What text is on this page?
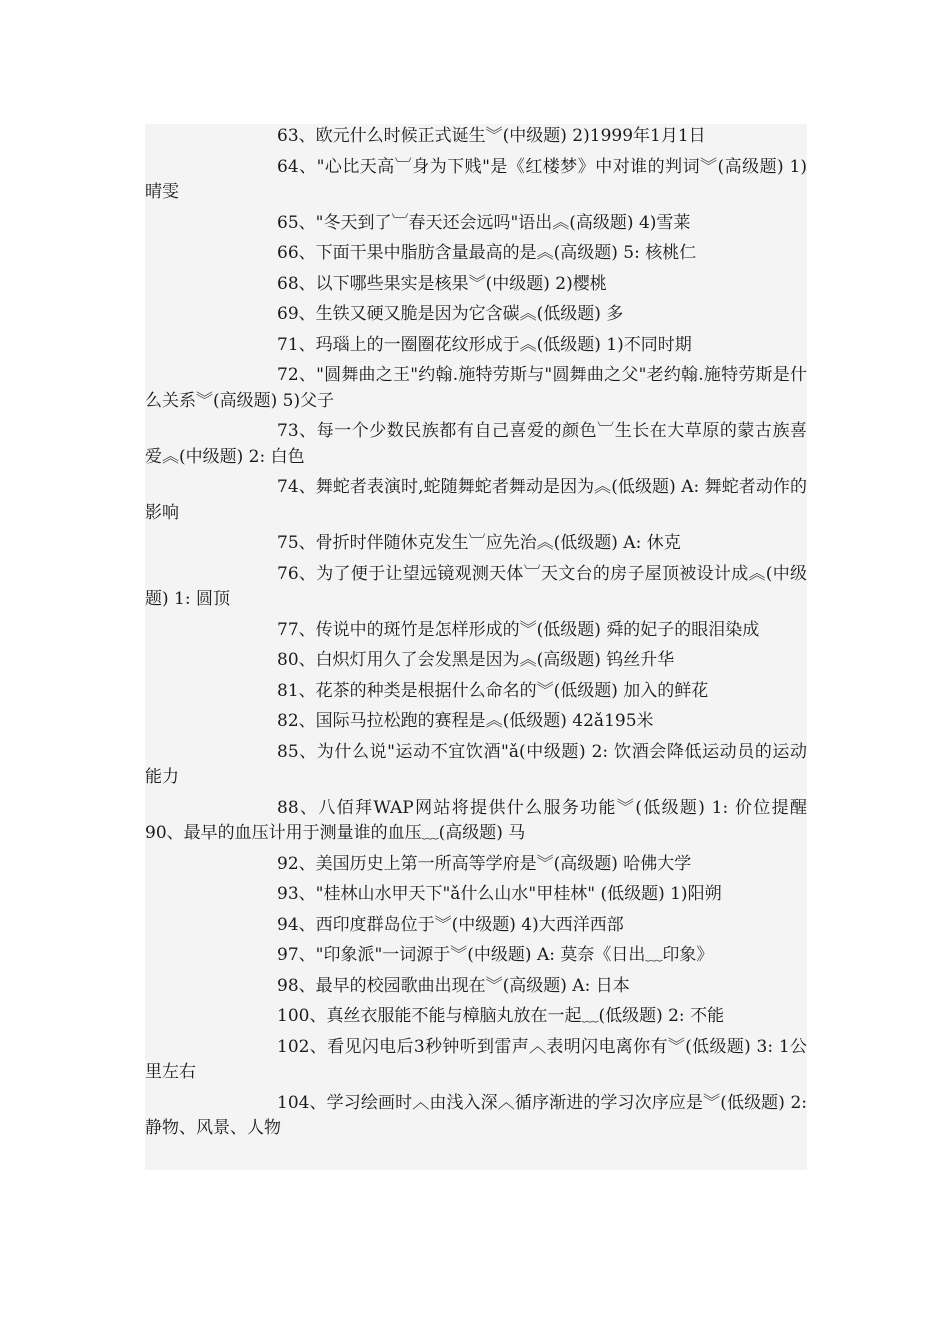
63、欧元什么时候正式诞生︾(中级题) 2)1999年1月1日

64、"心比天高︺身为下贱"是《红楼梦》中对谁的判词︾(高级题) 1)晴雯

65、"冬天到了︺春天还会远吗"语出︽(高级题) 4)雪莱

66、下面干果中脂肪含量最高的是︽(高级题) 5: 核桃仁

68、以下哪些果实是核果︾(中级题) 2)樱桃

69、生铁又硬又脆是因为它含碳︽(低级题) 多

71、玛瑙上的一圈圈花纹形成于︽(低级题) 1)不同时期

72、"圆舞曲之王"约翰.施特劳斯与"圆舞曲之父"老约翰.施特劳斯是什么关系︾(高级题) 5)父子

73、每一个少数民族都有自己喜爱的颜色︺生长在大草原的蒙古族喜爱︽(中级题) 2: 白色

74、舞蛇者表演时,蛇随舞蛇者舞动是因为︽(低级题) A: 舞蛇者动作的影响

75、骨折时伴随休克发生︺应先治︽(低级题) A: 休克

76、为了便于让望远镜观测天体︺天文台的房子屋顶被设计成︽(中级题) 1: 圆顶

77、传说中的斑竹是怎样形成的︾(低级题) 舜的妃子的眼泪染成

80、白炽灯用久了会发黑是因为︽(高级题) 钨丝升华

81、花茶的种类是根据什么命名的︾(低级题) 加入的鲜花

82、国际马拉松跑的赛程是︽(低级题) 42ǎ195米

85、为什么说"运动不宜饮酒"ǎ(中级题) 2: 饮酒会降低运动员的运动能力

88、八佰拜WAP网站将提供什么服务功能︾(低级题) 1: 价位提醒　　　　　　 90、最早的血压计用于测量谁的血压﹏(高级题) 马

92、美国历史上第一所高等学府是︾(高级题) 哈佛大学

93、"桂林山水甲天下"ǎ什么山水"甲桂林" (低级题) 1)阳朔

94、西印度群岛位于︾(中级题) 4)大西洋西部

97、"印象派"一词源于︾(中级题) A: 莫奈《日出﹏印象》

98、最早的校园歌曲出现在︾(高级题) A: 日本

100、真丝衣服能不能与樟脑丸放在一起﹏(低级题) 2: 不能

102、看见闪电后3秒钟听到雷声︿表明闪电离你有︾(低级题) 3: 1公里左右

104、学习绘画时︿由浅入深︿循序渐进的学习次序应是︾(低级题) 2: 静物、风景、人物
